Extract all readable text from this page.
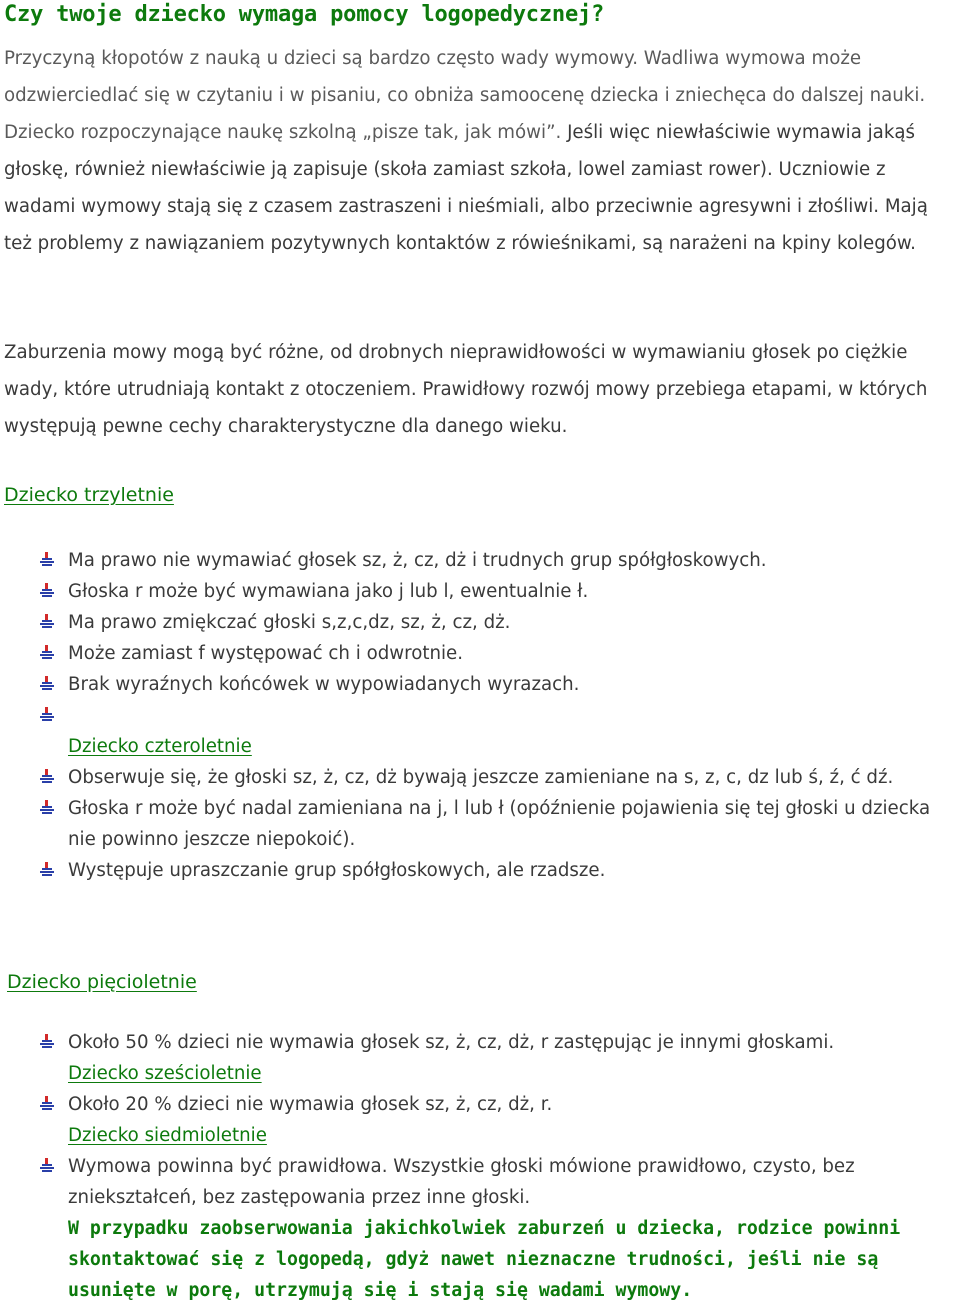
Czy twoje dziecko wymaga pomocy logopedycznej?

Przyczyną kłopotów z nauką u dzieci są bardzo często wady wymowy. Wadliwa wymowa może odzwierciedlać się w czytaniu i w pisaniu, co obniża samoocenę dziecka i zniechęca do dalszej nauki. Dziecko rozpoczynające naukę szkolną „pisze tak, jak mówi”. Jeśli więc niewłaściwie wymawia jakąś głoskę, również niewłaściwie ją zapisuje (skoła zamiast szkoła, lowel zamiast rower). Uczniowie z wadami wymowy stają się z czasem zastraszeni i nieśmiali, albo przeciwnie agresywni i złośliwi. Mają też problemy z nawiązaniem pozytywnych kontaktów z rówieśnikami, są narażeni na kpiny kolegów.

Zaburzenia mowy mogą być różne, od drobnych nieprawidłowości w wymawianiu głosek po ciężkie wady, które utrudniają kontakt z otoczeniem. Prawidłowy rozwój mowy przebiega etapami, w których występują pewne cechy charakterystyczne dla danego wieku.

Dziecko trzyletnie
Ma prawo nie wymawiać głosek sz, ż, cz, dż i trudnych grup spółgłoskowych.
Głoska r może być wymawiana jako j lub l, ewentualnie ł.
Ma prawo zmiękczać głoski s,z,c,dz, sz, ż, cz, dż.
Może zamiast f występować ch i odwrotnie.
Brak wyraźnych końcówek w wypowiadanych wyrazach.

Dziecko czteroletnie
Obserwuje się, że głoski sz, ż, cz, dż bywają jeszcze zamieniane na s, z, c, dz lub ś, ź, ć dź.
Głoska r może być nadal zamieniana na j, l lub ł (opóźnienie pojawienia się tej głoski u dziecka nie powinno jeszcze niepokoić).
Występuje upraszczanie grup spółgłoskowych, ale rzadsze.
Dziecko pięcioletnie
Około 50 % dzieci nie wymawia głosek sz, ż, cz, dż, r zastępując je innymi głoskami.
Dziecko sześcioletnie
Około 20 % dzieci nie wymawia głosek sz, ż, cz, dż, r.
Dziecko siedmioletnie
Wymowa powinna być prawidłowa. Wszystkie głoski mówione prawidłowo, czysto, bez zniekształceń, bez zastępowania przez inne głoski.
W przypadku zaobserwowania jakichkolwiek zaburzeń u dziecka, rodzice powinni skontaktować się z logopedą, gdyż nawet nieznaczne trudności, jeśli nie są usunięte w porę, utrzymują się i stają się wadami wymowy.
